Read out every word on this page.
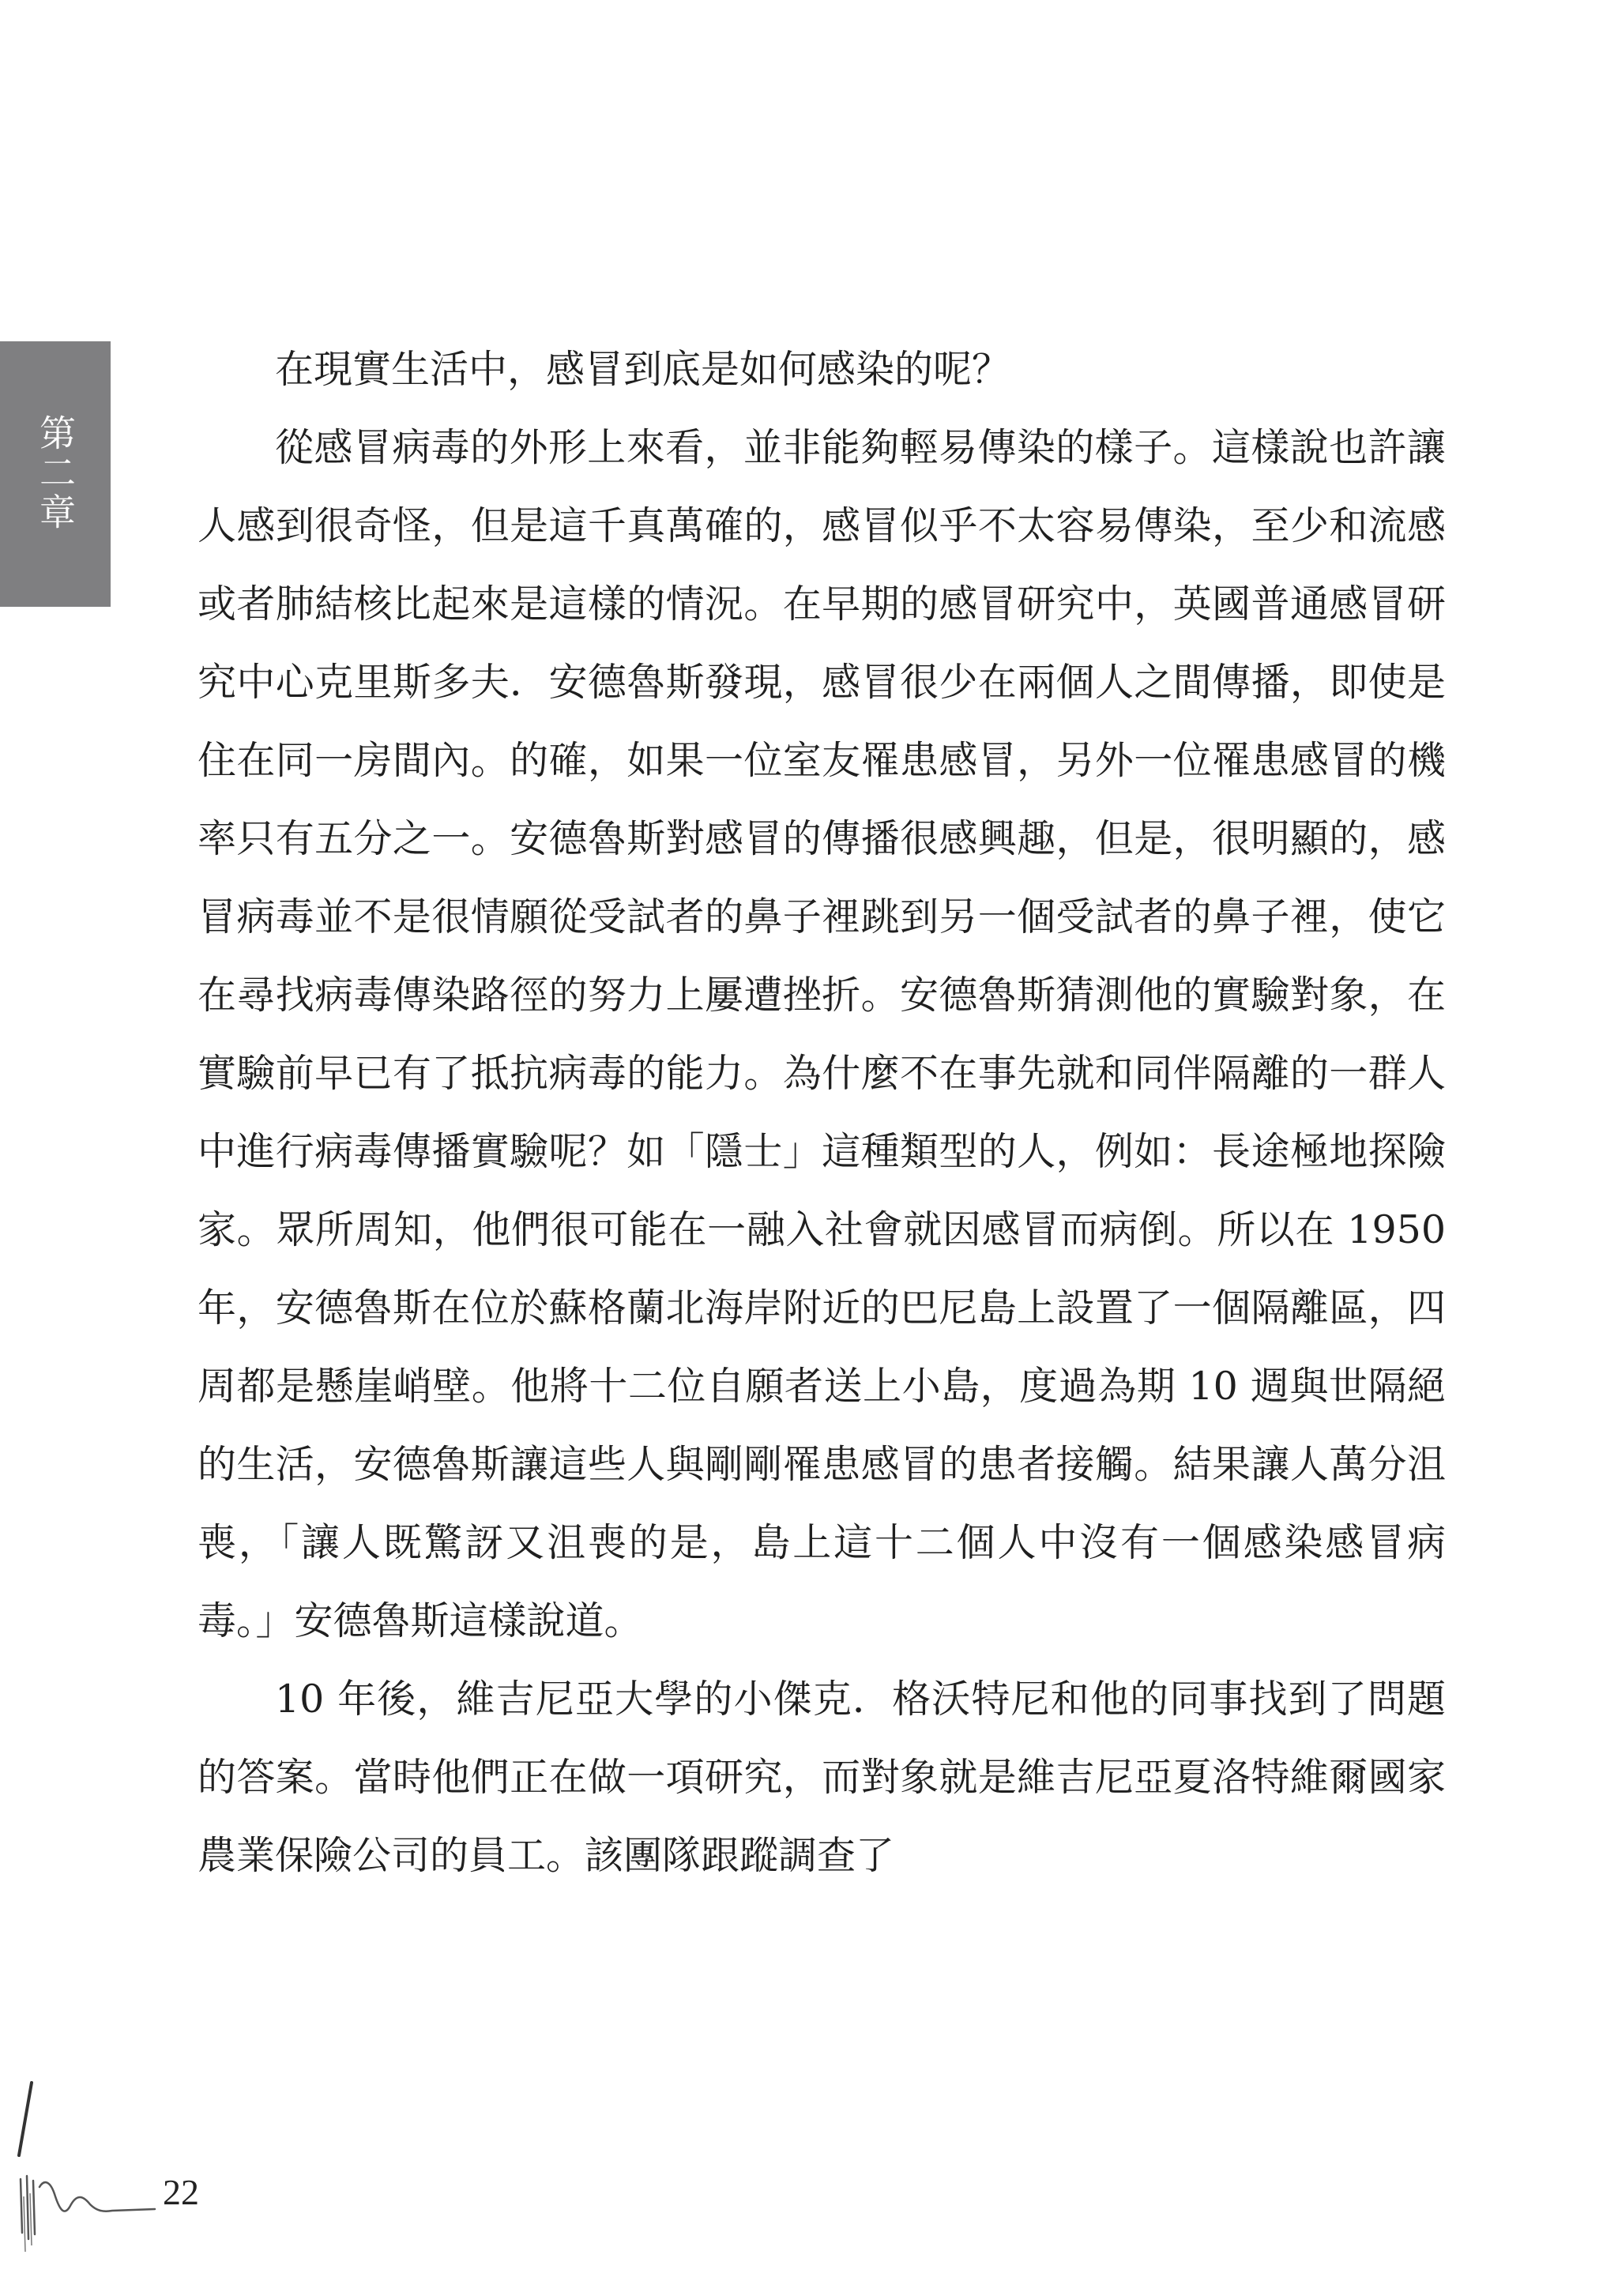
第二章

在現實生活中，感冒到底是如何感染的呢？

從感冒病毒的外形上來看，並非能夠輕易傳染的樣子。這樣說也許讓人感到很奇怪，但是這千真萬確的，感冒似乎不太容易傳染，至少和流感或者肺結核比起來是這樣的情況。在早期的感冒研究中，英國普通感冒研究中心克里斯多夫．安德魯斯發現，感冒很少在兩個人之間傳播，即使是住在同一房間內。的確，如果一位室友罹患感冒，另外一位罹患感冒的機率只有五分之一。安德魯斯對感冒的傳播很感興趣，但是，很明顯的，感冒病毒並不是很情願從受試者的鼻子裡跳到另一個受試者的鼻子裡，使它在尋找病毒傳染路徑的努力上屢遭挫折。安德魯斯猜測他的實驗對象，在實驗前早已有了抵抗病毒的能力。為什麼不在事先就和同伴隔離的一群人中進行病毒傳播實驗呢？如「隱士」這種類型的人，例如：長途極地探險家。眾所周知，他們很可能在一融入社會就因感冒而病倒。所以在 1950 年，安德魯斯在位於蘇格蘭北海岸附近的巴尼島上設置了一個隔離區，四周都是懸崖峭壁。他將十二位自願者送上小島，度過為期 10 週與世隔絕的生活，安德魯斯讓這些人與剛剛罹患感冒的患者接觸。結果讓人萬分沮喪，「讓人既驚訝又沮喪的是，島上這十二個人中沒有一個感染感冒病毒。」安德魯斯這樣說道。

10 年後，維吉尼亞大學的小傑克．格沃特尼和他的同事找到了問題的答案。當時他們正在做一項研究，而對象就是維吉尼亞夏洛特維爾國家農業保險公司的員工。該團隊跟蹤調查了

22
